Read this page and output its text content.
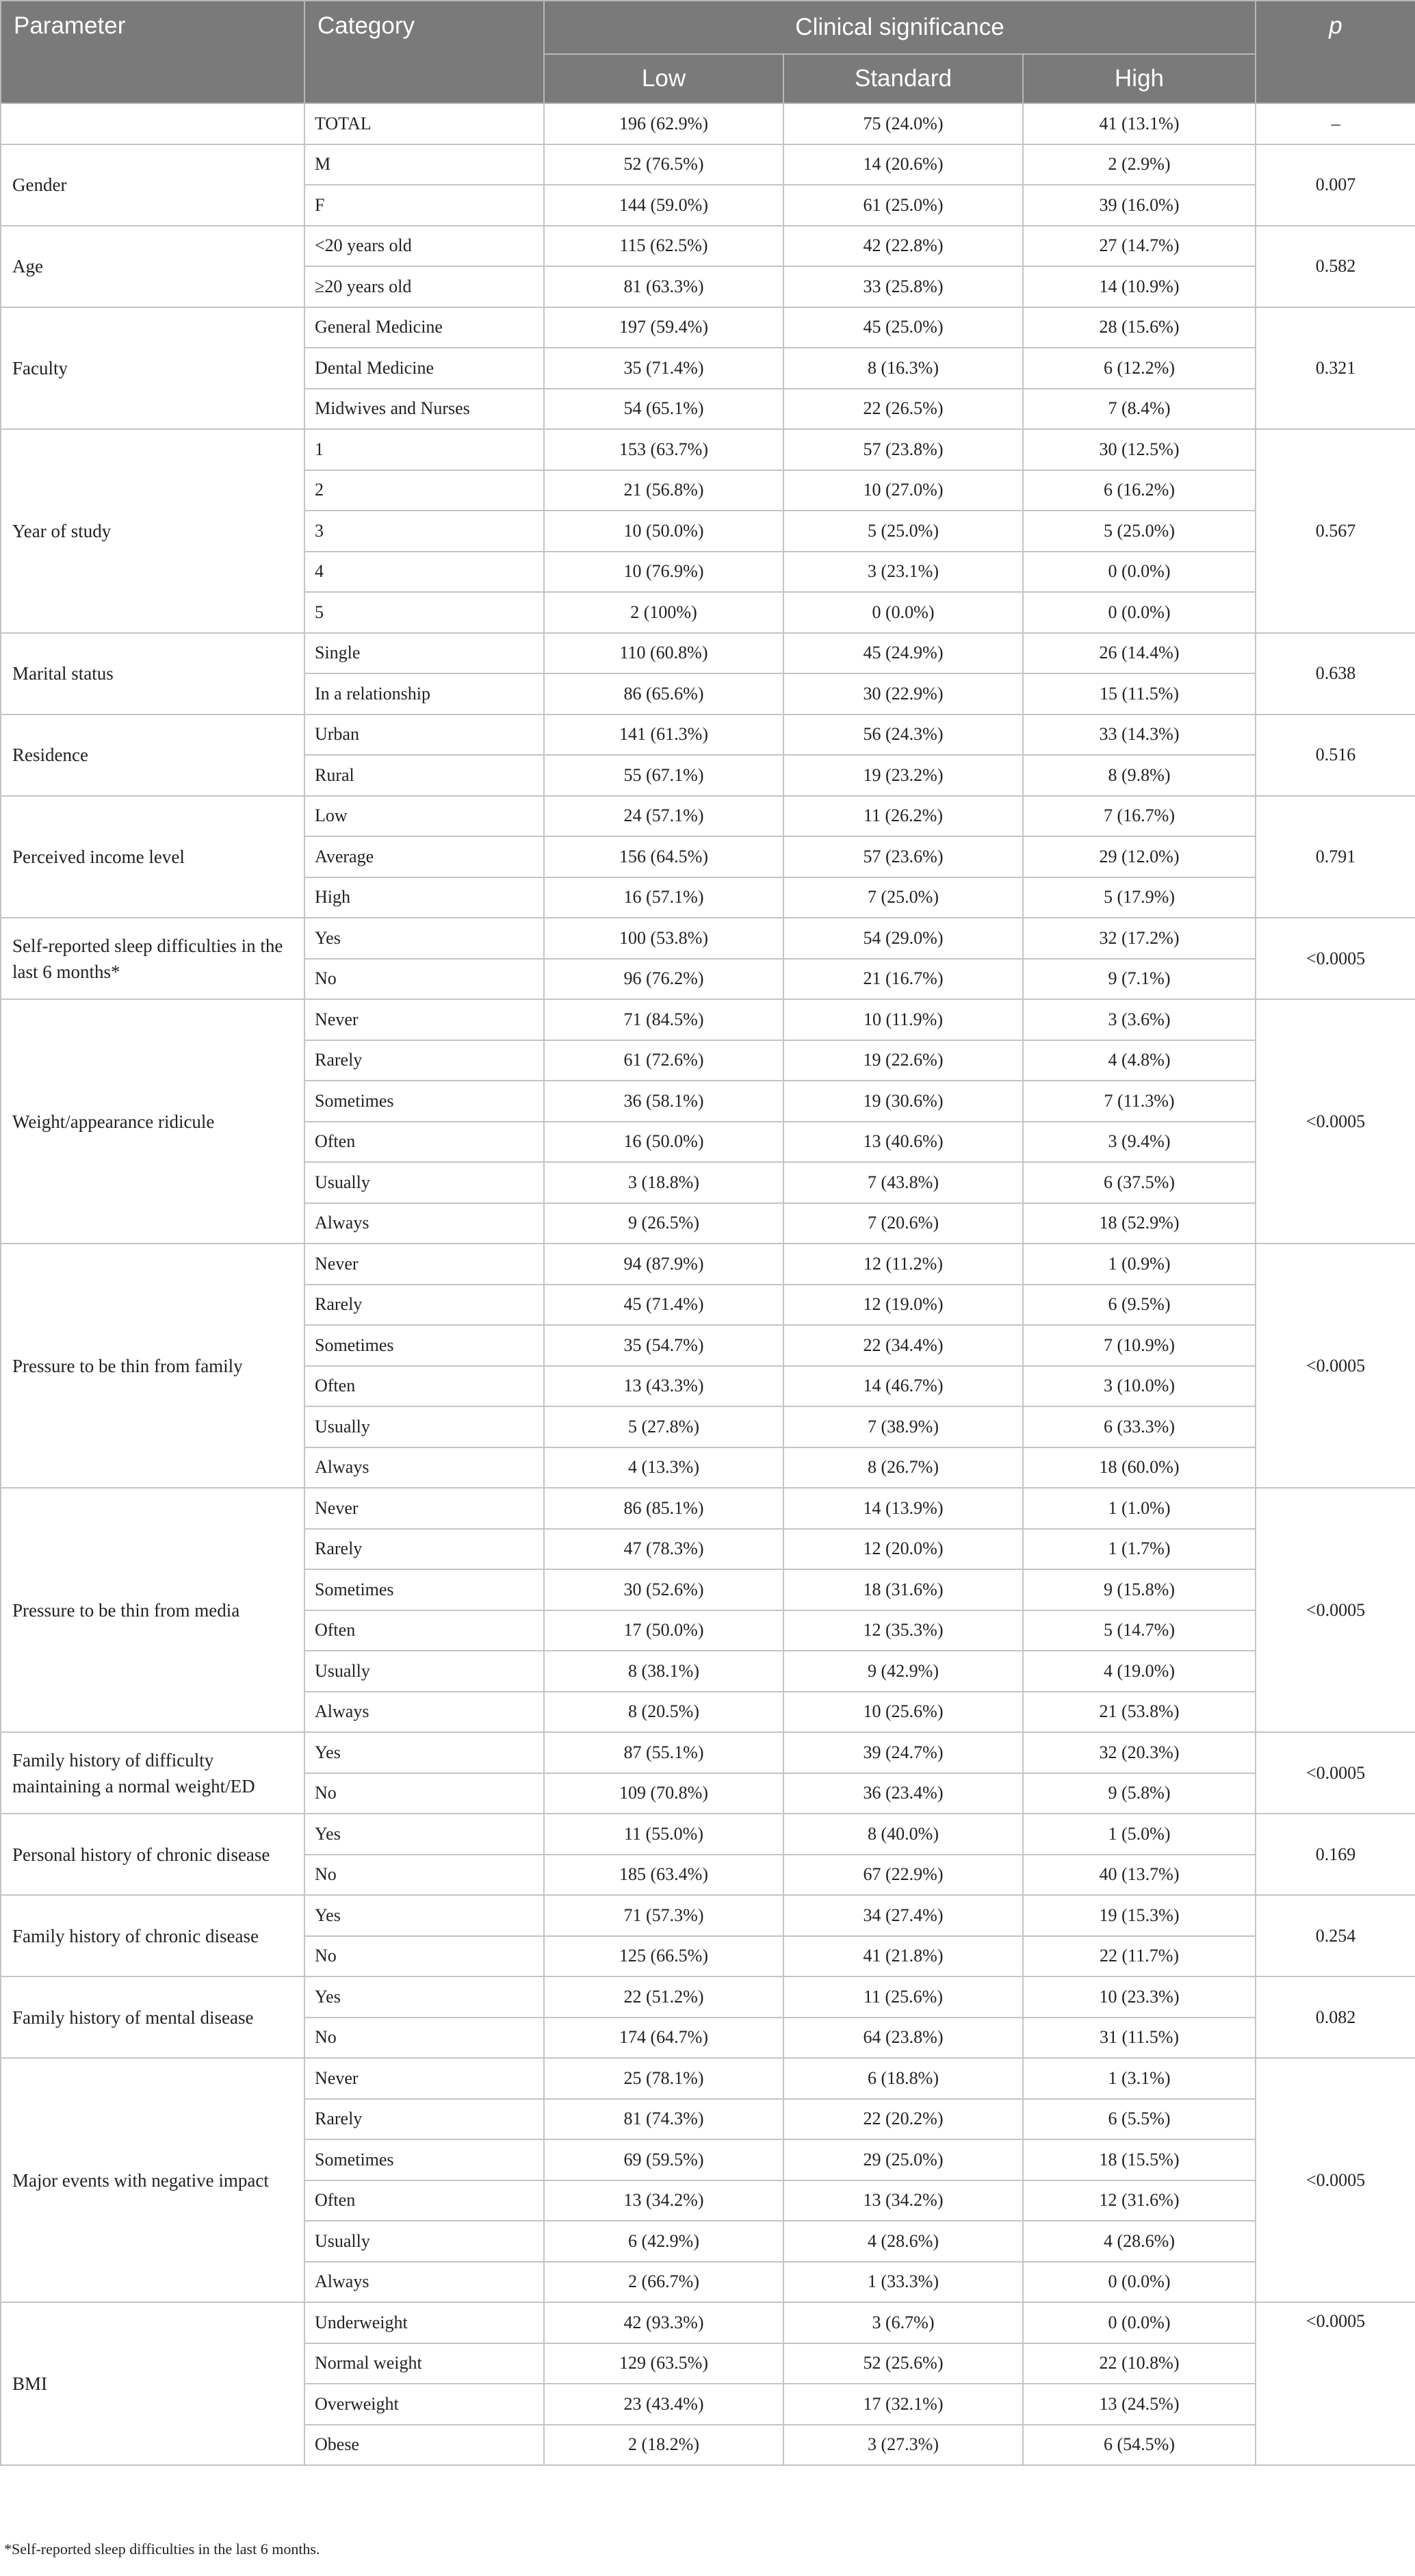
Parameter	Category	Clinical significance			p
		Low	Standard	High	
	TOTAL	196 (62.9%)	75 (24.0%)	41 (13.1%)	–
Gender	M	52 (76.5%)	14 (20.6%)	2 (2.9%)	0.007
	F	144 (59.0%)	61 (25.0%)	39 (16.0%)	
Age	<20 years old	115 (62.5%)	42 (22.8%)	27 (14.7%)	0.582
	≥20 years old	81 (63.3%)	33 (25.8%)	14 (10.9%)	
Faculty	General Medicine	197 (59.4%)	45 (25.0%)	28 (15.6%)	0.321
	Dental Medicine	35 (71.4%)	8 (16.3%)	6 (12.2%)	
	Midwives and Nurses	54 (65.1%)	22 (26.5%)	7 (8.4%)	
Year of study	1	153 (63.7%)	57 (23.8%)	30 (12.5%)	0.567
	2	21 (56.8%)	10 (27.0%)	6 (16.2%)	
	3	10 (50.0%)	5 (25.0%)	5 (25.0%)	
	4	10 (76.9%)	3 (23.1%)	0 (0.0%)	
	5	2 (100%)	0 (0.0%)	0 (0.0%)	
Marital status	Single	110 (60.8%)	45 (24.9%)	26 (14.4%)	0.638
	In a relationship	86 (65.6%)	30 (22.9%)	15 (11.5%)	
Residence	Urban	141 (61.3%)	56 (24.3%)	33 (14.3%)	0.516
	Rural	55 (67.1%)	19 (23.2%)	8 (9.8%)	
Perceived income level	Low	24 (57.1%)	11 (26.2%)	7 (16.7%)	0.791
	Average	156 (64.5%)	57 (23.6%)	29 (12.0%)	
	High	16 (57.1%)	7 (25.0%)	5 (17.9%)	
Self-reported sleep difficulties in the last 6 months*	Yes	100 (53.8%)	54 (29.0%)	32 (17.2%)	<0.0005
	No	96 (76.2%)	21 (16.7%)	9 (7.1%)	
Weight/appearance ridicule	Never	71 (84.5%)	10 (11.9%)	3 (3.6%)	<0.0005
	Rarely	61 (72.6%)	19 (22.6%)	4 (4.8%)	
	Sometimes	36 (58.1%)	19 (30.6%)	7 (11.3%)	
	Often	16 (50.0%)	13 (40.6%)	3 (9.4%)	
	Usually	3 (18.8%)	7 (43.8%)	6 (37.5%)	
	Always	9 (26.5%)	7 (20.6%)	18 (52.9%)	
Pressure to be thin from family	Never	94 (87.9%)	12 (11.2%)	1 (0.9%)	<0.0005
	Rarely	45 (71.4%)	12 (19.0%)	6 (9.5%)	
	Sometimes	35 (54.7%)	22 (34.4%)	7 (10.9%)	
	Often	13 (43.3%)	14 (46.7%)	3 (10.0%)	
	Usually	5 (27.8%)	7 (38.9%)	6 (33.3%)	
	Always	4 (13.3%)	8 (26.7%)	18 (60.0%)	
Pressure to be thin from media	Never	86 (85.1%)	14 (13.9%)	1 (1.0%)	<0.0005
	Rarely	47 (78.3%)	12 (20.0%)	1 (1.7%)	
	Sometimes	30 (52.6%)	18 (31.6%)	9 (15.8%)	
	Often	17 (50.0%)	12 (35.3%)	5 (14.7%)	
	Usually	8 (38.1%)	9 (42.9%)	4 (19.0%)	
	Always	8 (20.5%)	10 (25.6%)	21 (53.8%)	
Family history of difficulty maintaining a normal weight/ED	Yes	87 (55.1%)	39 (24.7%)	32 (20.3%)	<0.0005
	No	109 (70.8%)	36 (23.4%)	9 (5.8%)	
Personal history of chronic disease	Yes	11 (55.0%)	8 (40.0%)	1 (5.0%)	0.169
	No	185 (63.4%)	67 (22.9%)	40 (13.7%)	
Family history of chronic disease	Yes	71 (57.3%)	34 (27.4%)	19 (15.3%)	0.254
	No	125 (66.5%)	41 (21.8%)	22 (11.7%)	
Family history of mental disease	Yes	22 (51.2%)	11 (25.6%)	10 (23.3%)	0.082
	No	174 (64.7%)	64 (23.8%)	31 (11.5%)	
Major events with negative impact	Never	25 (78.1%)	6 (18.8%)	1 (3.1%)	<0.0005
	Rarely	81 (74.3%)	22 (20.2%)	6 (5.5%)	
	Sometimes	69 (59.5%)	29 (25.0%)	18 (15.5%)	
	Often	13 (34.2%)	13 (34.2%)	12 (31.6%)	
	Usually	6 (42.9%)	4 (28.6%)	4 (28.6%)	
	Always	2 (66.7%)	1 (33.3%)	0 (0.0%)	
BMI	Underweight	42 (93.3%)	3 (6.7%)	0 (0.0%)	<0.0005
	Normal weight	129 (63.5%)	52 (25.6%)	22 (10.8%)	
	Overweight	23 (43.4%)	17 (32.1%)	13 (24.5%)	
	Obese	2 (18.2%)	3 (27.3%)	6 (54.5%)	
*Self-reported sleep difficulties in the last 6 months.
